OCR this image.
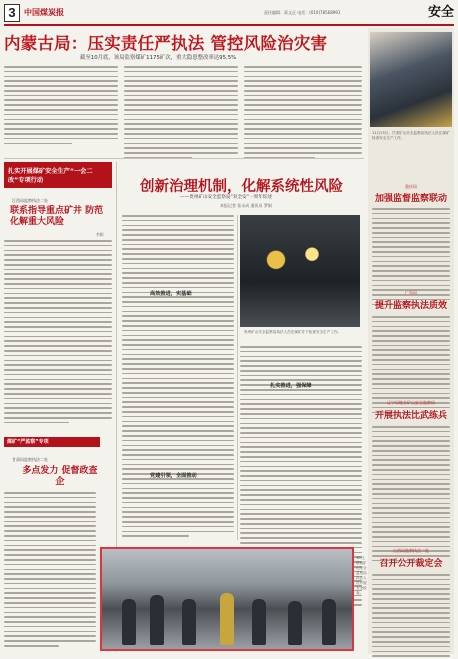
3	中国煤炭报	责任编辑：蒋文正 电话：(010)78568991	安全
内蒙古局：压实责任严执法 管控风险治灾害
截至10月底，该局监察煤矿1175矿次，重大隐患整改率达95.5%
扎实开展煤矿安全生产“一会二改”专项行动
江西局监察执法二处
联系指导重点矿井 防范化解重大风险
李颖
煤矿“严监察”专项
甘肃局监察执法二处
多点发力 促督政查企
创新治理机制，化解系统性风险
——贵州矿山安全监察局“双全安”一周年综述
本报记者 张永成 通讯员 罗娟
高效推进，实基础
贵州矿山安全监察局执法人员在煤矿井下检查安全生产工作。
扎实推进，强保障
党建引领，全面推动
11月15日，甘肃矿山安全监察局执法人员在煤矿检查安全生产工作。
重庆局
加强监督监察联动
广东局
提升监察执法质效
辽宁局地方矿山安全监察局
开展执法比武练兵
山西局监察执法二处
召开公开裁定会
10月，陕西矿山安全监察局执法人员开展安全检查。
